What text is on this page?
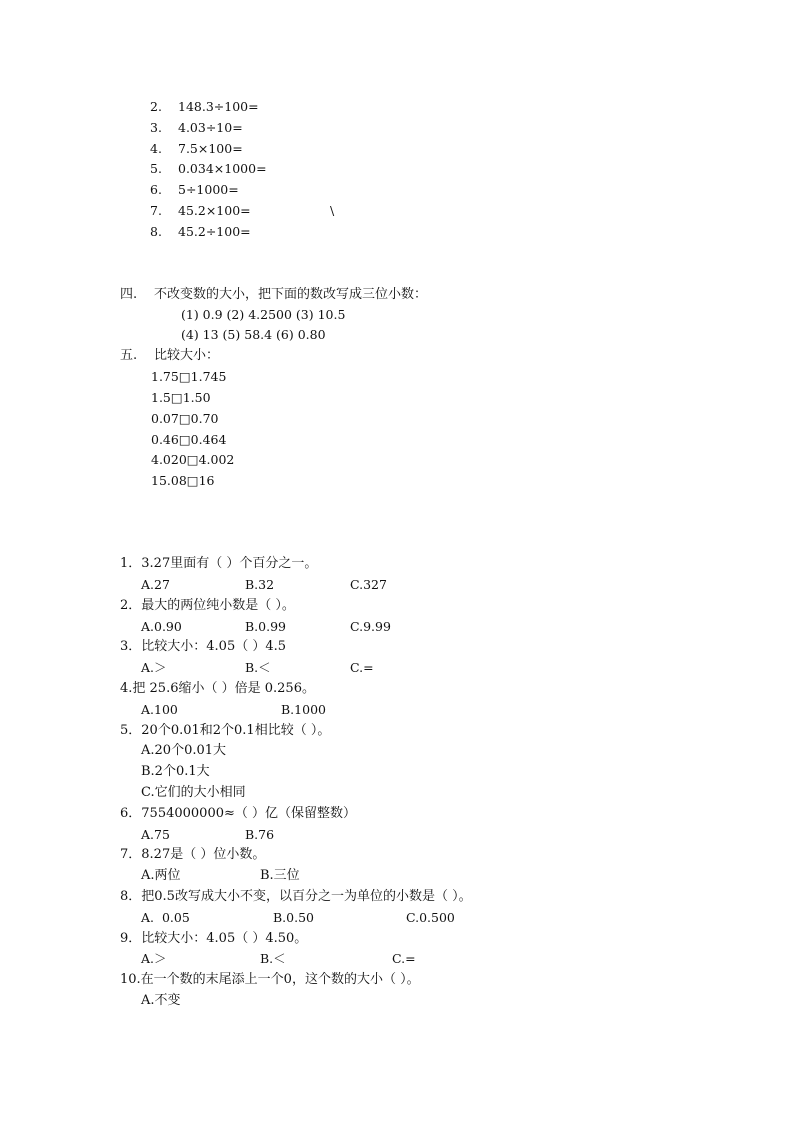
2. 148.3÷100=
3. 4.03÷10=
4. 7.5×100=
5. 0.034×1000=
6. 5÷1000=
7. 45.2×100=	\
8. 45.2÷100=
四. 不改变数的大小，把下面的数改写成三位小数：
(1) 0.9 (2) 4.2500 (3) 10.5
(4) 13 (5) 58.4 (6) 0.80
五. 比较大小：
1.75□1.745
1.5□1.50
0.07□0.70
0.46□0.464
4.020□4.002
15.08□16
1．3.27里面有（ ）个百分之一。
A.27	B.32	C.327
2．最大的两位纯小数是（ ）。
A.0.90	B.0.99	C.9.99
3．比较大小：4.05（ ）4.5
A.＞	B.＜	C.=
4.把 25.6缩小（ ）倍是 0.256。
A.100	B.1000
5．20个0.01和2个0.1相比较（ ）。
A.20个0.01大
B.2个0.1大
C.它们的大小相同
6．7554000000≈（ ）亿（保留整数）
A.75	B.76
7．8.27是（ ）位小数。
A.两位	B.三位
8．把0.5改写成大小不变，以百分之一为单位的小数是（ ）。
A.  0.05	B.0.50	C.0.500
9．比较大小：4.05（ ）4.50。
A.＞	B.＜	C.=
10.在一个数的末尾添上一个0，这个数的大小（ ）。
A.不变
